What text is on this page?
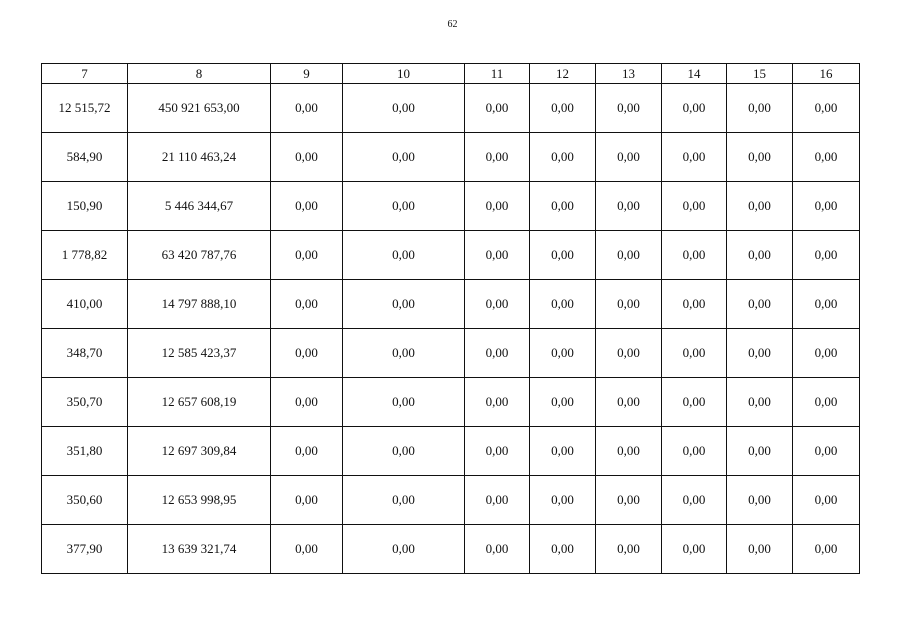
62
7	8	9	10	11	12	13	14	15	16
12 515,72	450 921 653,00	0,00	0,00	0,00	0,00	0,00	0,00	0,00	0,00
584,90	21 110 463,24	0,00	0,00	0,00	0,00	0,00	0,00	0,00	0,00
150,90	5 446 344,67	0,00	0,00	0,00	0,00	0,00	0,00	0,00	0,00
1 778,82	63 420 787,76	0,00	0,00	0,00	0,00	0,00	0,00	0,00	0,00
410,00	14 797 888,10	0,00	0,00	0,00	0,00	0,00	0,00	0,00	0,00
348,70	12 585 423,37	0,00	0,00	0,00	0,00	0,00	0,00	0,00	0,00
350,70	12 657 608,19	0,00	0,00	0,00	0,00	0,00	0,00	0,00	0,00
351,80	12 697 309,84	0,00	0,00	0,00	0,00	0,00	0,00	0,00	0,00
350,60	12 653 998,95	0,00	0,00	0,00	0,00	0,00	0,00	0,00	0,00
377,90	13 639 321,74	0,00	0,00	0,00	0,00	0,00	0,00	0,00	0,00
